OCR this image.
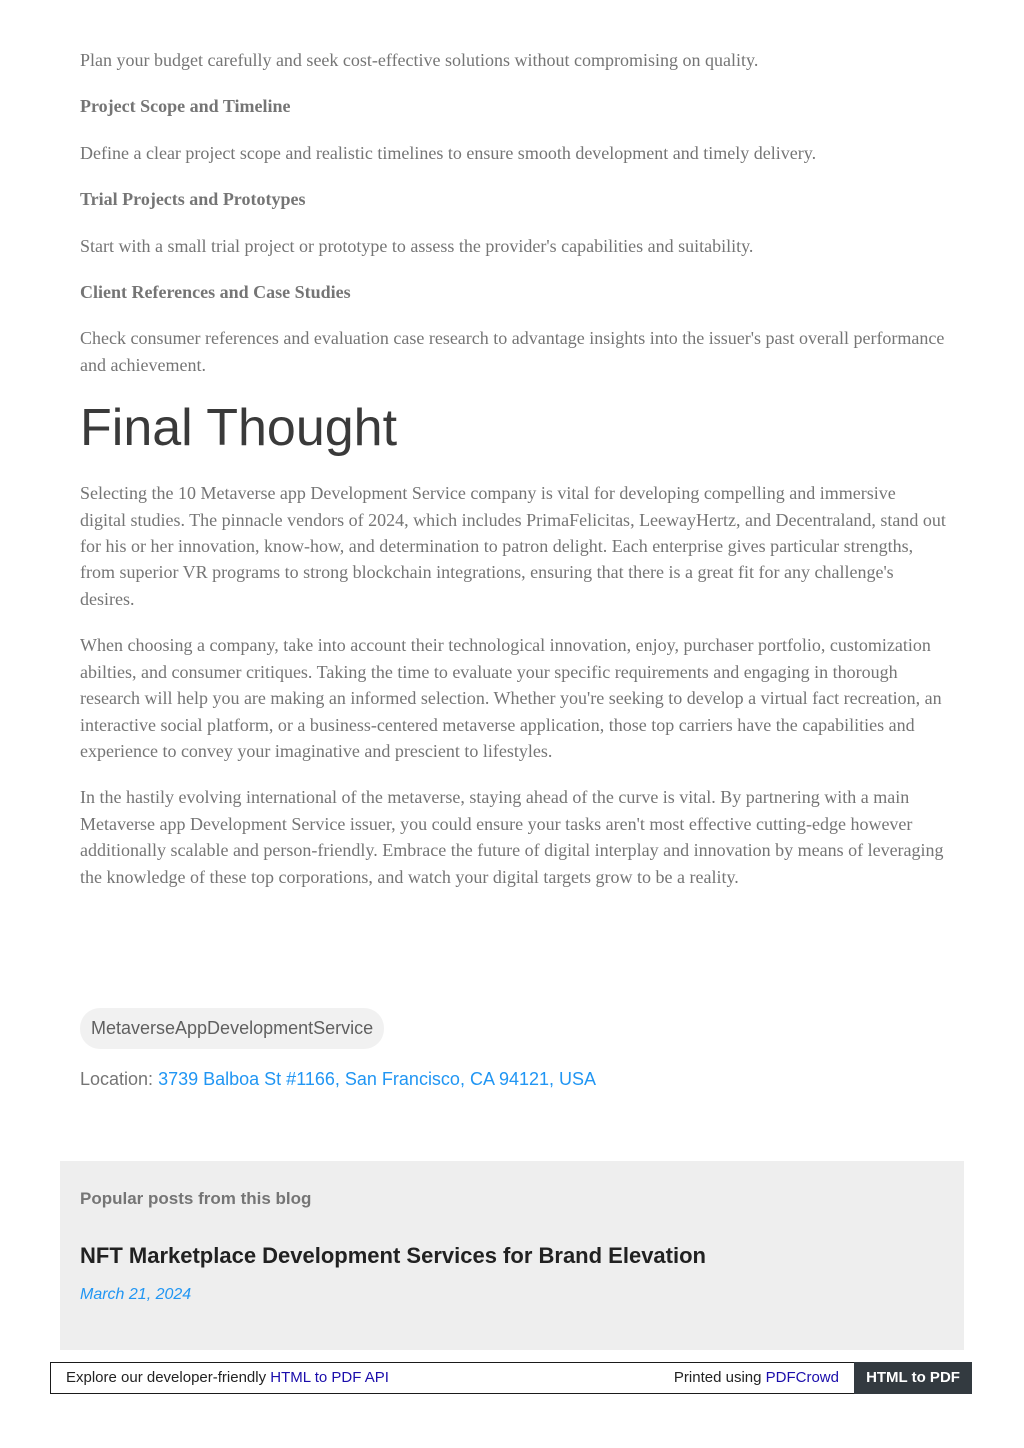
Plan your budget carefully and seek cost-effective solutions without compromising on quality.

Project Scope and Timeline

Define a clear project scope and realistic timelines to ensure smooth development and timely delivery.

Trial Projects and Prototypes

Start with a small trial project or prototype to assess the provider's capabilities and suitability.

Client References and Case Studies

Check consumer references and evaluation case research to advantage insights into the issuer's past overall performance and achievement.

Final Thought

Selecting the 10 Metaverse app Development Service company is vital for developing compelling and immersive digital studies. The pinnacle vendors of 2024, which includes PrimaFelicitas, LeewayHertz, and Decentraland, stand out for his or her innovation, know-how, and determination to patron delight. Each enterprise gives particular strengths, from superior VR programs to strong blockchain integrations, ensuring that there is a great fit for any challenge's desires.

When choosing a company, take into account their technological innovation, enjoy, purchaser portfolio, customization abilties, and consumer critiques. Taking the time to evaluate your specific requirements and engaging in thorough research will help you are making an informed selection. Whether you're seeking to develop a virtual fact recreation, an interactive social platform, or a business-centered metaverse application, those top carriers have the capabilities and experience to convey your imaginative and prescient to lifestyles.

In the hastily evolving international of the metaverse, staying ahead of the curve is vital. By partnering with a main Metaverse app Development Service issuer, you could ensure your tasks aren't most effective cutting-edge however additionally scalable and person-friendly. Embrace the future of digital interplay and innovation by means of leveraging the knowledge of these top corporations, and watch your digital targets grow to be a reality.

MetaverseAppDevelopmentService
Location: 3739 Balboa St #1166, San Francisco, CA 94121, USA
Popular posts from this blog
NFT Marketplace Development Services for Brand Elevation
March 21, 2024
Explore our developer-friendly HTML to PDF API	Printed using PDFCrowd	HTML to PDF
